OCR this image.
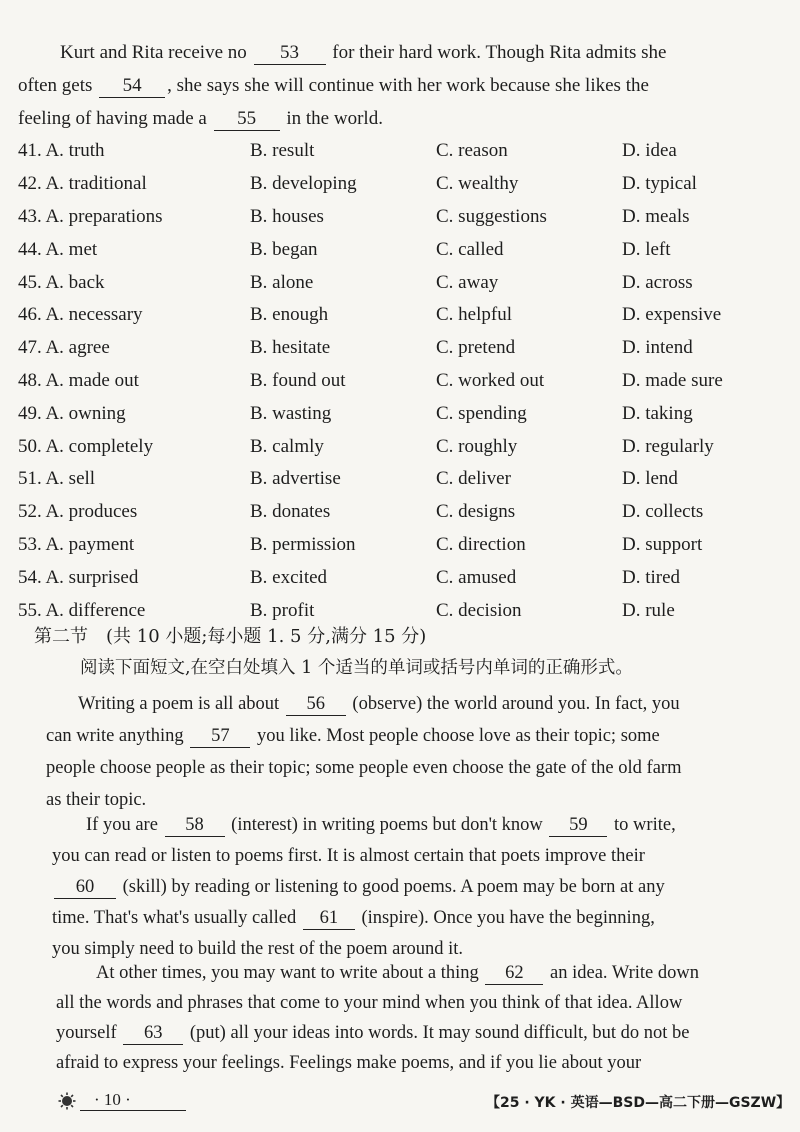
Kurt and Rita receive no 53 for their hard work. Though Rita admits she
often gets 54 , she says she will continue with her work because she likes the
feeling of having made a 55 in the world.
41. A. truth	B. result	C. reason	D. idea
42. A. traditional	B. developing	C. wealthy	D. typical
43. A. preparations	B. houses	C. suggestions	D. meals
44. A. met	B. began	C. called	D. left
45. A. back	B. alone	C. away	D. across
46. A. necessary	B. enough	C. helpful	D. expensive
47. A. agree	B. hesitate	C. pretend	D. intend
48. A. made out	B. found out	C. worked out	D. made sure
49. A. owning	B. wasting	C. spending	D. taking
50. A. completely	B. calmly	C. roughly	D. regularly
51. A. sell	B. advertise	C. deliver	D. lend
52. A. produces	B. donates	C. designs	D. collects
53. A. payment	B. permission	C. direction	D. support
54. A. surprised	B. excited	C. amused	D. tired
55. A. difference	B. profit	C. decision	D. rule
第二节　(共 10 小题;每小题 1. 5 分,满分 15 分)
阅读下面短文,在空白处填入 1 个适当的单词或括号内单词的正确形式。
Writing a poem is all about 56 (observe) the world around you. In fact, you
can write anything 57 you like. Most people choose love as their topic; some
people choose people as their topic; some people even choose the gate of the old farm
as their topic.
If you are 58 (interest) in writing poems but don't know 59 to write,
you can read or listen to poems first. It is almost certain that poets improve their
60 (skill) by reading or listening to good poems. A poem may be born at any
time. That's what's usually called 61 (inspire). Once you have the beginning,
you simply need to build the rest of the poem around it.
At other times, you may want to write about a thing 62 an idea. Write down
all the words and phrases that come to your mind when you think of that idea. Allow
yourself 63 (put) all your ideas into words. It may sound difficult, but do not be
afraid to express your feelings. Feelings make poems, and if you lie about your
· 10 ·	【25 · YK · 英语—BSD—高二下册—GSZW】
